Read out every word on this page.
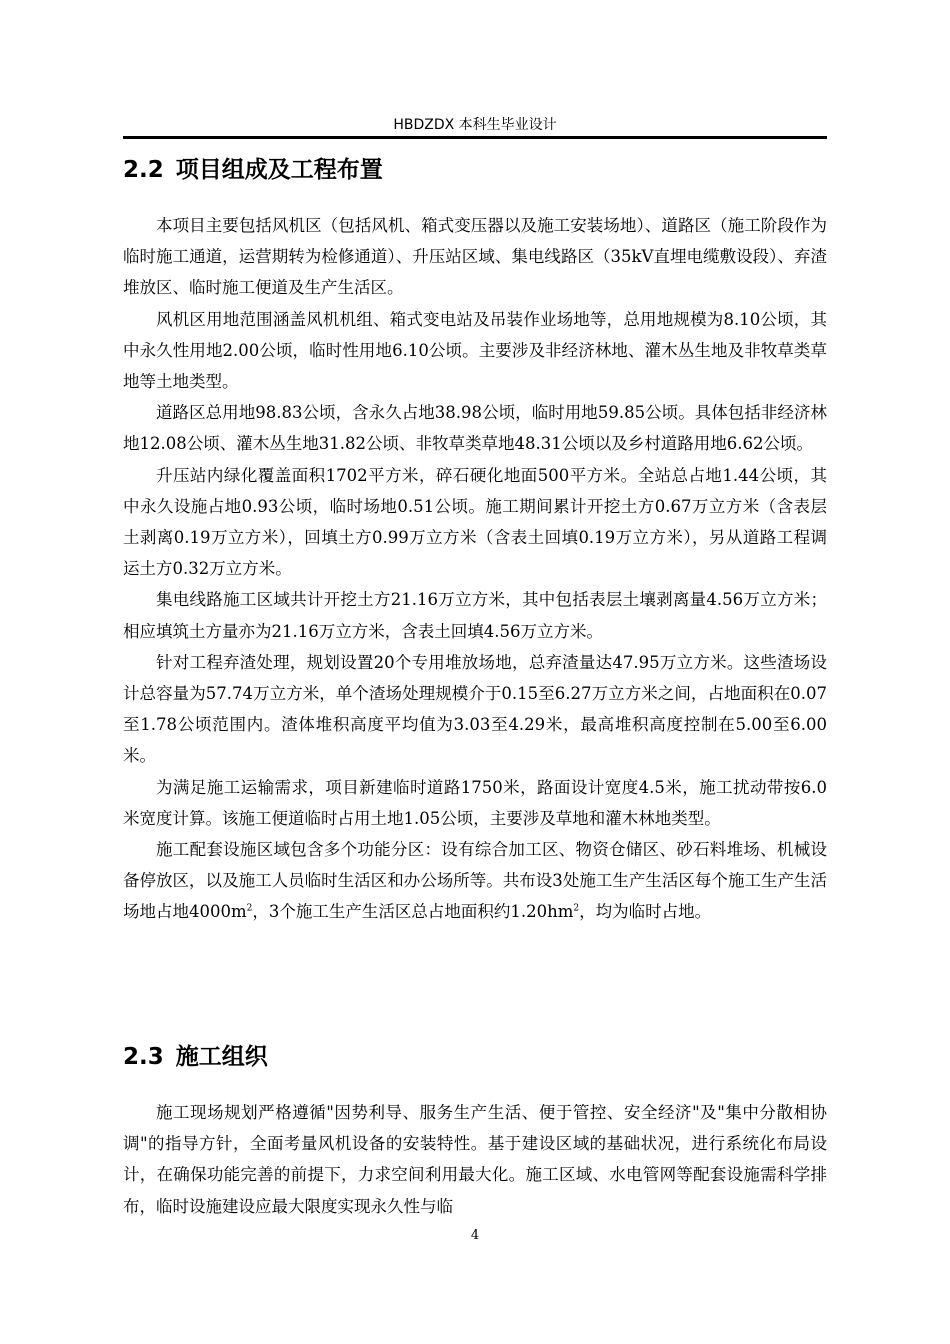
HBDZDX 本科生毕业设计
2.2 项目组成及工程布置

本项目主要包括风机区（包括风机、箱式变压器以及施工安装场地）、道路区（施工阶段作为临时施工通道，运营期转为检修通道）、升压站区域、集电线路区（35kV直埋电缆敷设段）、弃渣堆放区、临时施工便道及生产生活区。

风机区用地范围涵盖风机机组、箱式变电站及吊装作业场地等，总用地规模为8.10公顷，其中永久性用地2.00公顷，临时性用地6.10公顷。主要涉及非经济林地、灌木丛生地及非牧草类草地等土地类型。

道路区总用地98.83公顷，含永久占地38.98公顷，临时用地59.85公顷。具体包括非经济林地12.08公顷、灌木丛生地31.82公顷、非牧草类草地48.31公顷以及乡村道路用地6.62公顷。

升压站内绿化覆盖面积1702平方米，碎石硬化地面500平方米。全站总占地1.44公顷，其中永久设施占地0.93公顷，临时场地0.51公顷。施工期间累计开挖土方0.67万立方米（含表层土剥离0.19万立方米），回填土方0.99万立方米（含表土回填0.19万立方米），另从道路工程调运土方0.32万立方米。

集电线路施工区域共计开挖土方21.16万立方米，其中包括表层土壤剥离量4.56万立方米；相应填筑土方量亦为21.16万立方米，含表土回填4.56万立方米。

针对工程弃渣处理，规划设置20个专用堆放场地，总弃渣量达47.95万立方米。这些渣场设计总容量为57.74万立方米，单个渣场处理规模介于0.15至6.27万立方米之间，占地面积在0.07至1.78公顷范围内。渣体堆积高度平均值为3.03至4.29米，最高堆积高度控制在5.00至6.00米。

为满足施工运输需求，项目新建临时道路1750米，路面设计宽度4.5米，施工扰动带按6.0米宽度计算。该施工便道临时占用土地1.05公顷，主要涉及草地和灌木林地类型。

施工配套设施区域包含多个功能分区：设有综合加工区、物资仓储区、砂石料堆场、机械设备停放区，以及施工人员临时生活区和办公场所等。共布设3处施工生产生活区每个施工生产生活场地占地$4000m^2$，3个施工生产生活区总占地面积约$1.20hm^2$，均为临时占地。

2.3 施工组织

施工现场规划严格遵循"因势利导、服务生产生活、便于管控、安全经济"及"集中分散相协调"的指导方针，全面考量风机设备的安装特性。基于建设区域的基础状况，进行系统化布局设计，在确保功能完善的前提下，力求空间利用最大化。施工区域、水电管网等配套设施需科学排布，临时设施建设应最大限度实现永久性与临

4
